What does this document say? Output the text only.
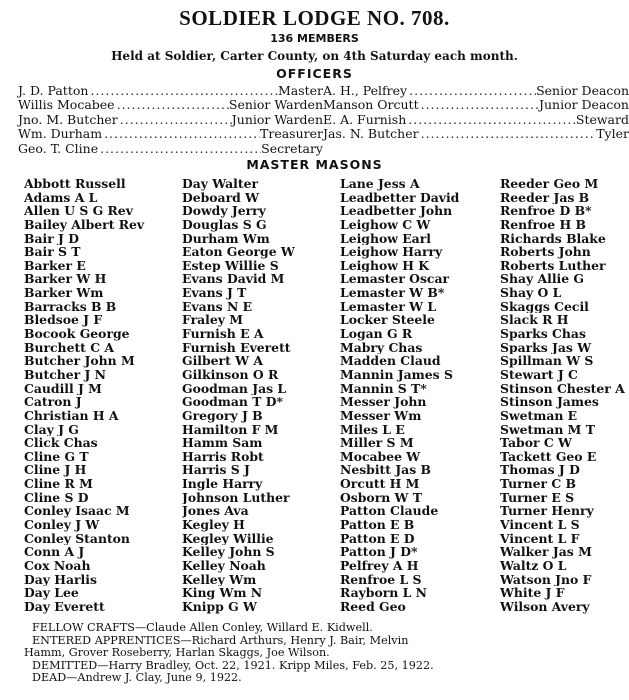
SOLDIER LODGE NO. 708.
136 MEMBERS
Held at Soldier, Carter County, on 4th Saturday each month.
OFFICERS
J. D. Patton .....	Master A. H., Pelfrey .....	Senior Deacon
Willis Mocabee .....	Senior Warden Manson Orcutt .....	Junior Deacon
Jno. M. Butcher .....	Junior Warden E. A. Furnish .....	Steward
Wm. Durham .....	Treasurer Jas. N. Butcher .....	Tyler
Geo. T. Cline .....	Secretary
MASTER MASONS
Abbott Russell
Adams A L
Allen U S G Rev
Bailey Albert Rev
Bair J D
Bair S T
Barker E
Barker W H
Barker Wm
Barracks B B
Bledsoe J F
Bocook George
Burchett C A
Butcher John M
Butcher J N
Caudill J M
Catron J
Christian H A
Clay J G
Click Chas
Cline G T
Cline J H
Cline R M
Cline S D
Conley Isaac M
Conley J W
Conley Stanton
Conn A J
Cox Noah
Day Harlis
Day Lee
Day Everett
Day Walter
Deboard W
Dowdy Jerry
Douglas S G
Durham Wm
Eaton George W
Estep Willie S
Evans David M
Evans J T
Evans N E
Fraley M
Furnish E A
Furnish Everett
Gilbert W A
Gilkinson O R
Goodman Jas L
Goodman T D*
Gregory J B
Hamilton F M
Hamm Sam
Harris Robt
Harris S J
Ingle Harry
Johnson Luther
Jones Ava
Kegley H
Kegley Willie
Kelley John S
Kelley Noah
Kelley Wm
King Wm N
Knipp G W
Lane Jess A
Leadbetter David
Leadbetter John
Leighow C W
Leighow Earl
Leighow Harry
Leighow H K
Lemaster Oscar
Lemaster W B*
Lemaster W L
Locker Steele
Logan G R
Mabry Chas
Madden Claud
Mannin James S
Mannin S T*
Messer John
Messer Wm
Miles L E
Miller S M
Mocabee W
Nesbitt Jas B
Orcutt H M
Osborn W T
Patton Claude
Patton E B
Patton E D
Patton J D*
Pelfrey A H
Renfroe L S
Rayborn L N
Reed Geo
Reeder Geo M
Reeder Jas B
Renfroe D B*
Renfroe H B
Richards Blake
Roberts John
Roberts Luther
Shay Allie G
Shay O L
Skaggs Cecil
Slack R H
Sparks Chas
Sparks Jas W
Spillman W S
Stewart J C
Stinson Chester A
Stinson James
Swetman E
Swetman M T
Tabor C W
Tackett Geo E
Thomas J D
Turner C B
Turner E S
Turner Henry
Vincent L S
Vincent L F
Walker Jas M
Waltz O L
Watson Jno F
White J F
Wilson Avery
FELLOW CRAFTS—Claude Allen Conley, Willard E. Kidwell.
ENTERED APPRENTICES—Richard Arthurs, Henry J. Bair, Melvin
Hamm, Grover Roseberry, Harlan Skaggs, Joe Wilson.
DEMITTED—Harry Bradley, Oct. 22, 1921. Kripp Miles, Feb. 25, 1922.
DEAD—Andrew J. Clay, June 9, 1922.
